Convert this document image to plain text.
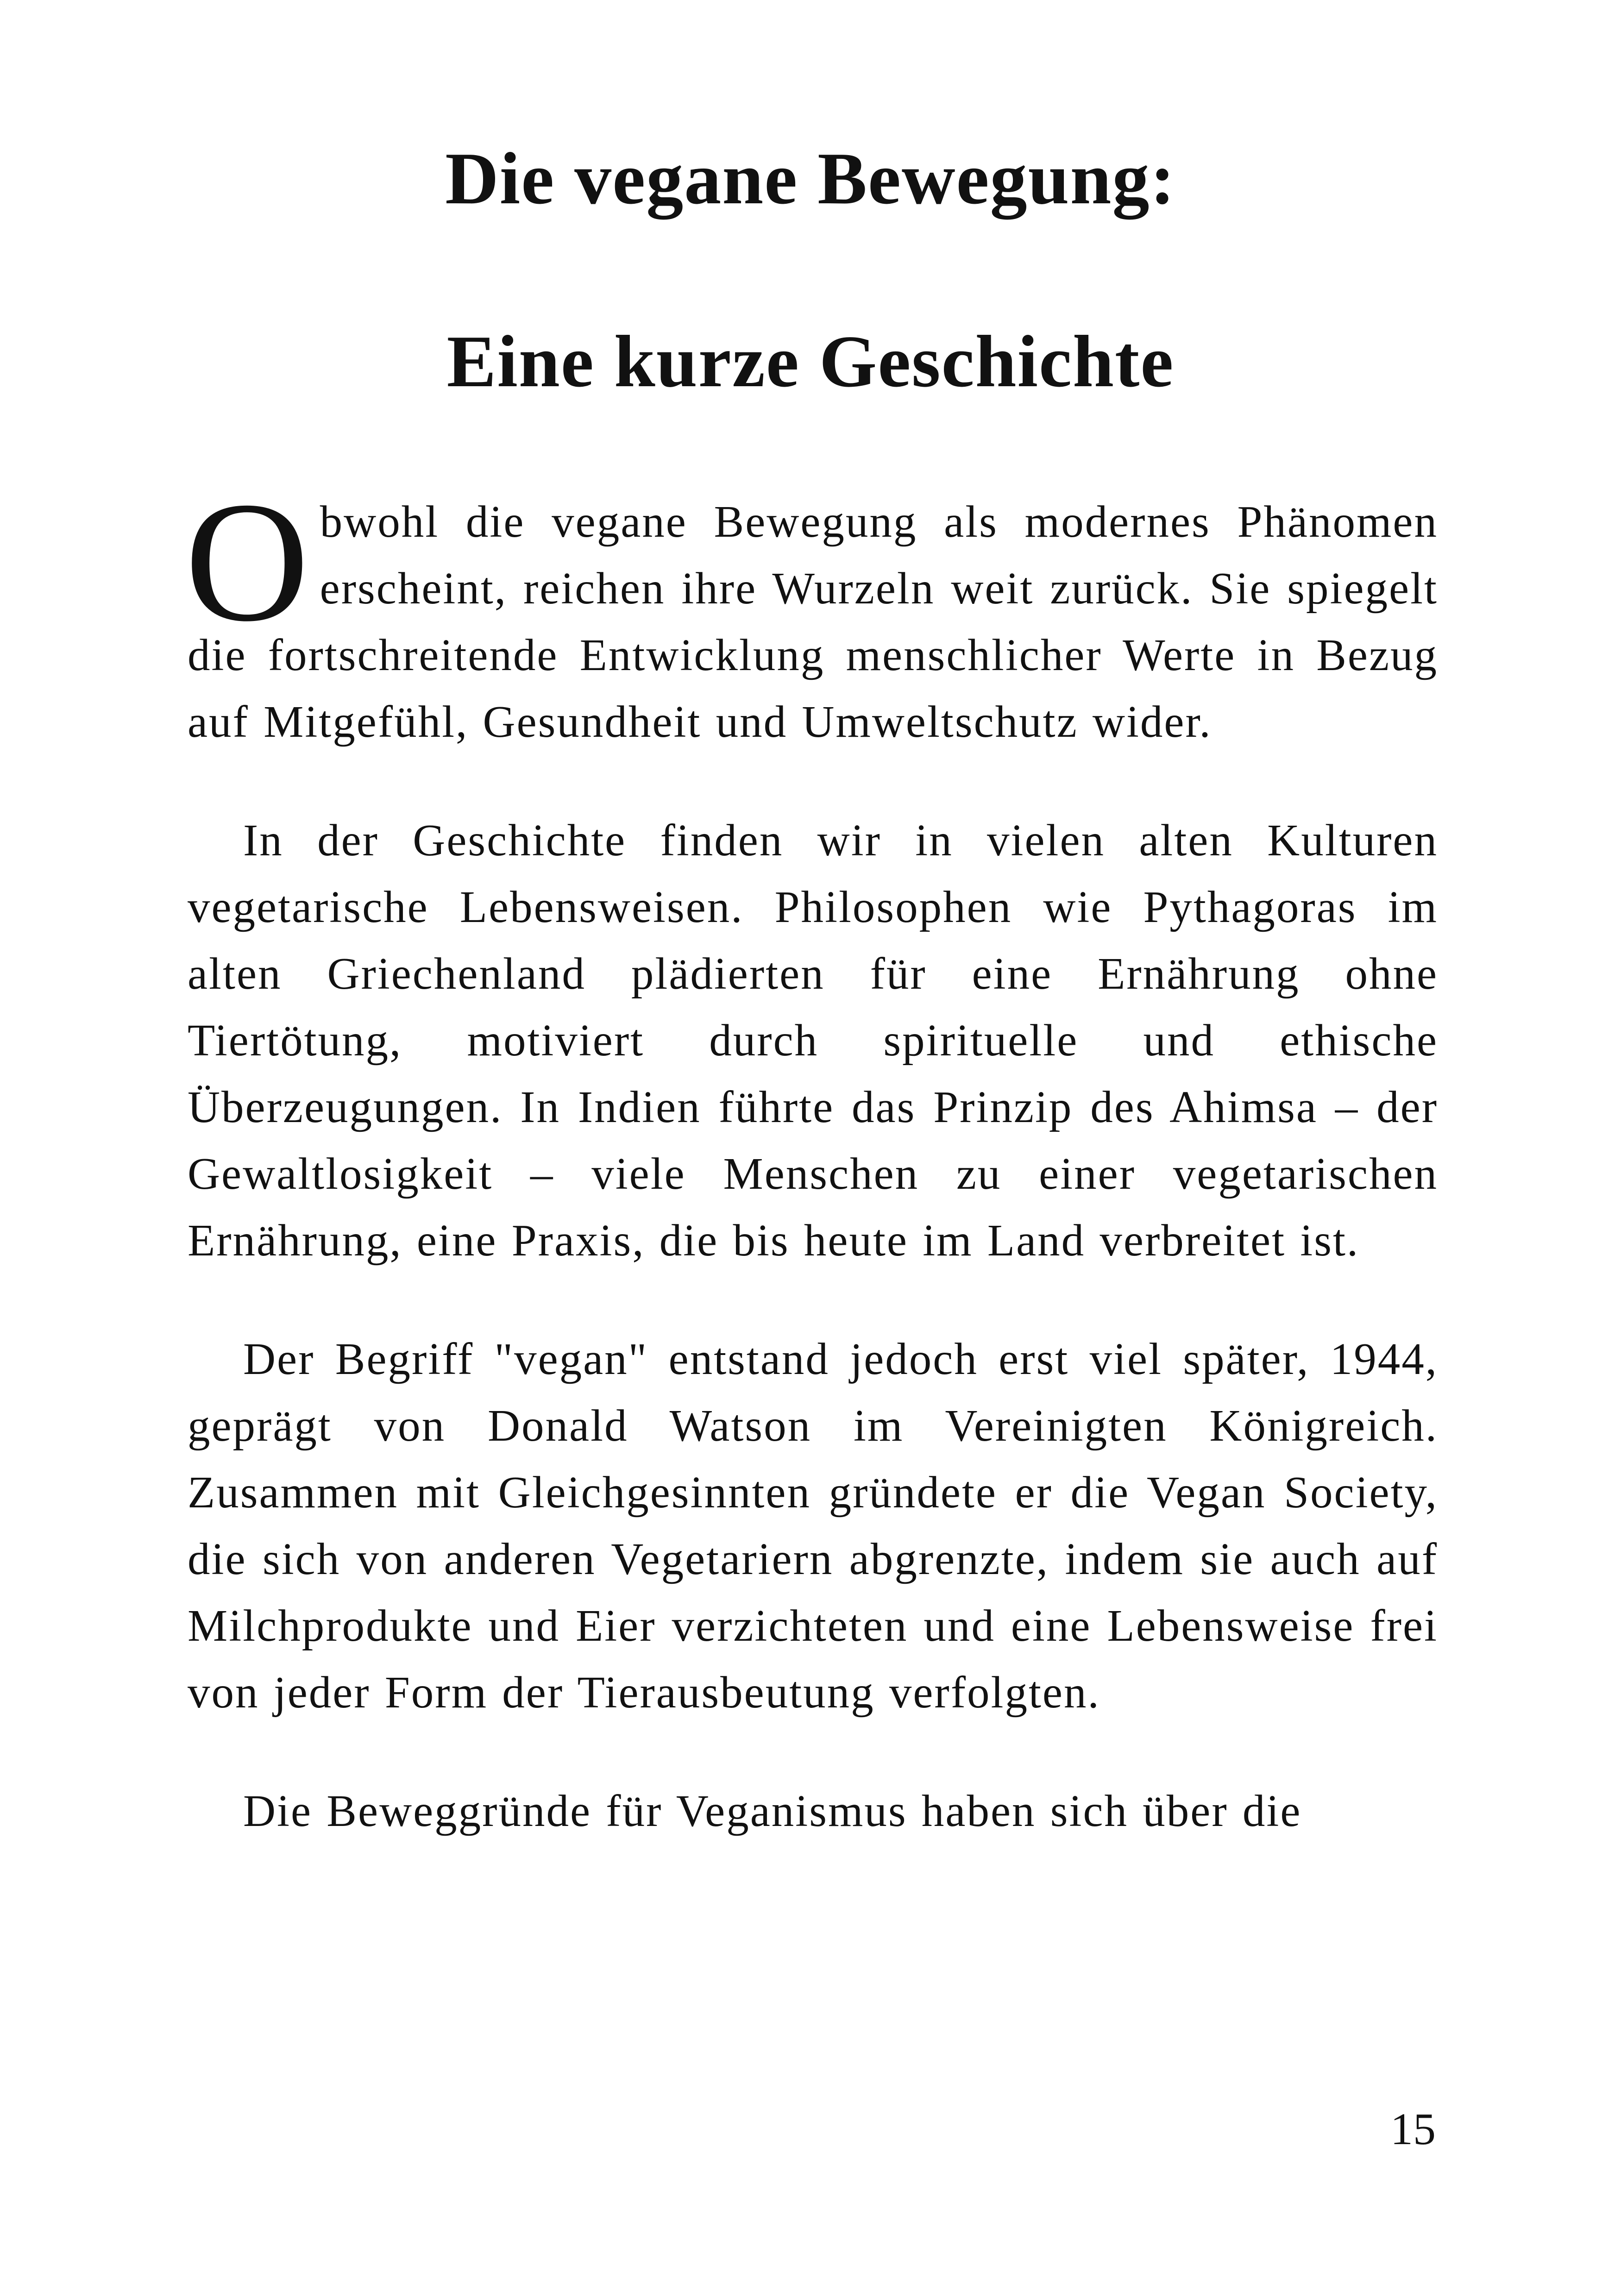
Die vegane Bewegung:
Eine kurze Geschichte

Obwohl die vegane Bewegung als modernes Phänomen erscheint, reichen ihre Wurzeln weit zurück. Sie spiegelt die fortschreitende Entwicklung menschlicher Werte in Bezug auf Mitgefühl, Gesundheit und Umweltschutz wider.

In der Geschichte finden wir in vielen alten Kulturen vegetarische Lebensweisen. Philosophen wie Pythagoras im alten Griechenland plädierten für eine Ernährung ohne Tiertötung, motiviert durch spirituelle und ethische Überzeugungen. In Indien führte das Prinzip des Ahimsa – der Gewaltlosigkeit – viele Menschen zu einer vegetarischen Ernährung, eine Praxis, die bis heute im Land verbreitet ist.

Der Begriff "vegan" entstand jedoch erst viel später, 1944, geprägt von Donald Watson im Vereinigten Königreich. Zusammen mit Gleichgesinnten gründete er die Vegan Society, die sich von anderen Vegetariern abgrenzte, indem sie auch auf Milchprodukte und Eier verzichteten und eine Lebensweise frei von jeder Form der Tierausbeutung verfolgten.

Die Beweggründe für Veganismus haben sich über die

15
